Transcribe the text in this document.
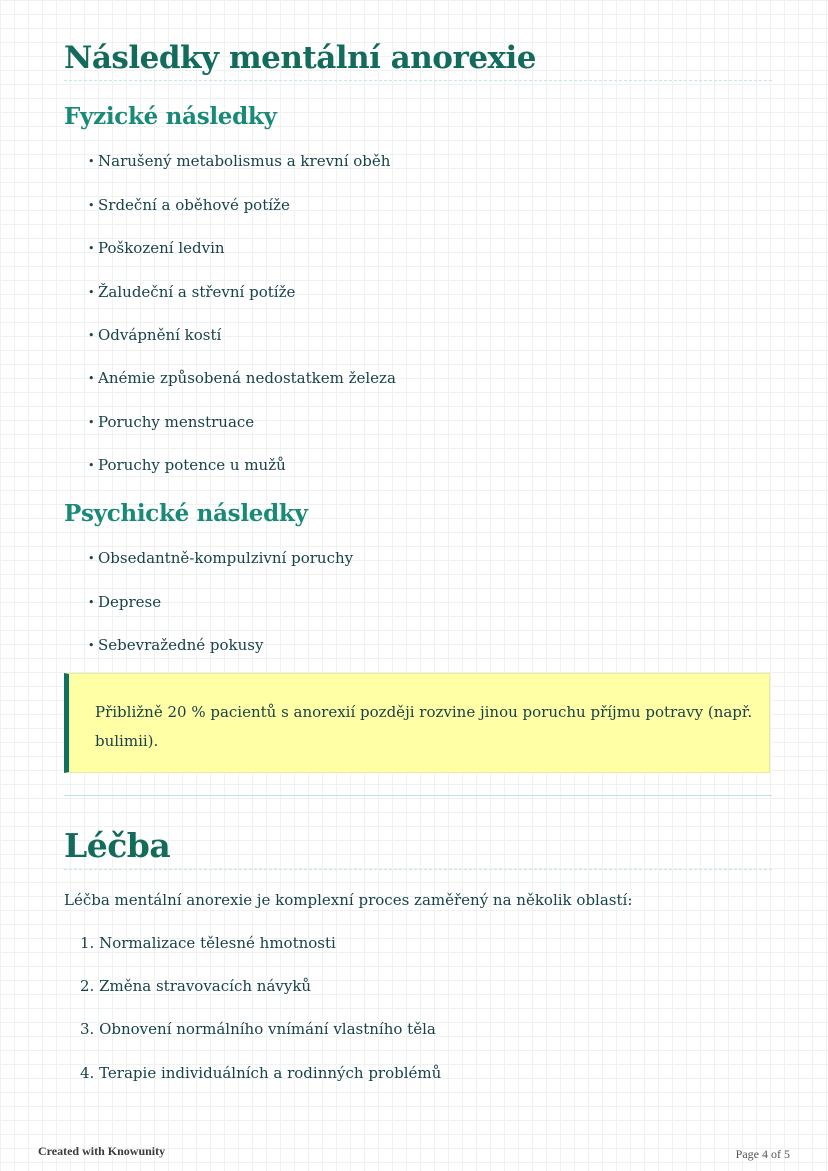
Následky mentální anorexie
Fyzické následky
• Narušený metabolismus a krevní oběh
• Srdeční a oběhové potíže
• Poškození ledvin
• Žaludeční a střevní potíže
• Odvápnění kostí
• Anémie způsobená nedostatkem železa
• Poruchy menstruace
• Poruchy potence u mužů
Psychické následky
• Obsedantně-kompulzivní poruchy
• Deprese
• Sebevražedné pokusy
Přibližně 20 % pacientů s anorexií později rozvine jinou poruchu příjmu potravy (např. bulimii).
Léčba
Léčba mentální anorexie je komplexní proces zaměřený na několik oblastí:
1. Normalizace tělesné hmotnosti
2. Změna stravovacích návyků
3. Obnovení normálního vnímání vlastního těla
4. Terapie individuálních a rodinných problémů
Created with Knowunity	Page 4 of 5
